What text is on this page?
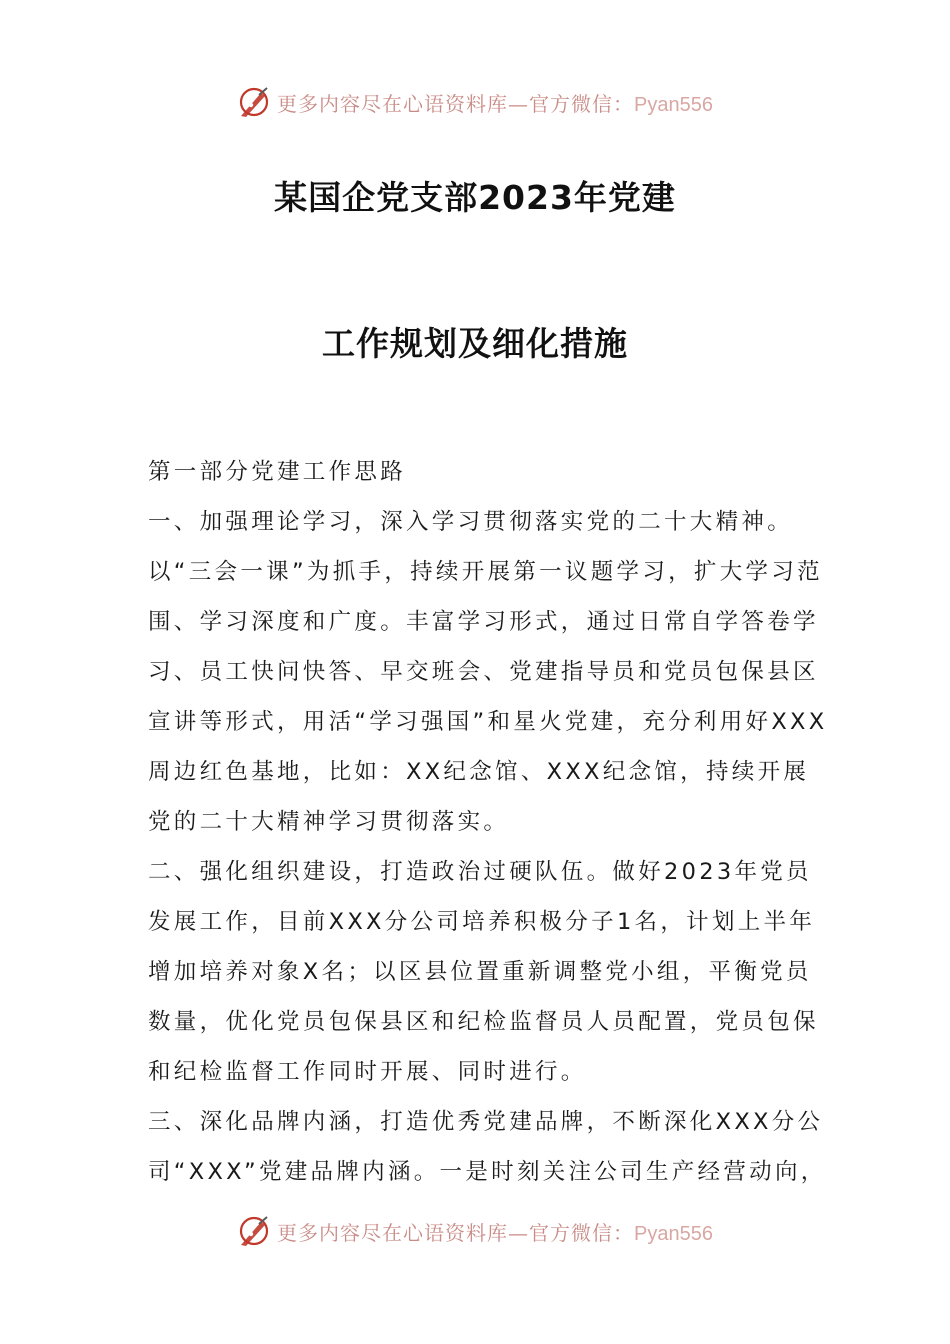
更多内容尽在心语资料库—官方微信：Pyan556
某国企党支部2023年党建
工作规划及细化措施

第一部分党建工作思路

一、加强理论学习，深入学习贯彻落实党的二十大精神。以“三会一课”为抓手，持续开展第一议题学习，扩大学习范围、学习深度和广度。丰富学习形式，通过日常自学答卷学习、员工快问快答、早交班会、党建指导员和党员包保县区宣讲等形式，用活“学习强国”和星火党建，充分利用好XXX周边红色基地，比如：XX纪念馆、XXX纪念馆，持续开展党的二十大精神学习贯彻落实。

二、强化组织建设，打造政治过硬队伍。做好2023年党员发展工作，目前XXX分公司培养积极分子1名，计划上半年增加培养对象X名；以区县位置重新调整党小组，平衡党员数量，优化党员包保县区和纪检监督员人员配置，党员包保和纪检监督工作同时开展、同时进行。

三、深化品牌内涵，打造优秀党建品牌，不断深化XXX分公司“XXX”党建品牌内涵。一是时刻关注公司生产经营动向，

更多内容尽在心语资料库—官方微信：Pyan556
